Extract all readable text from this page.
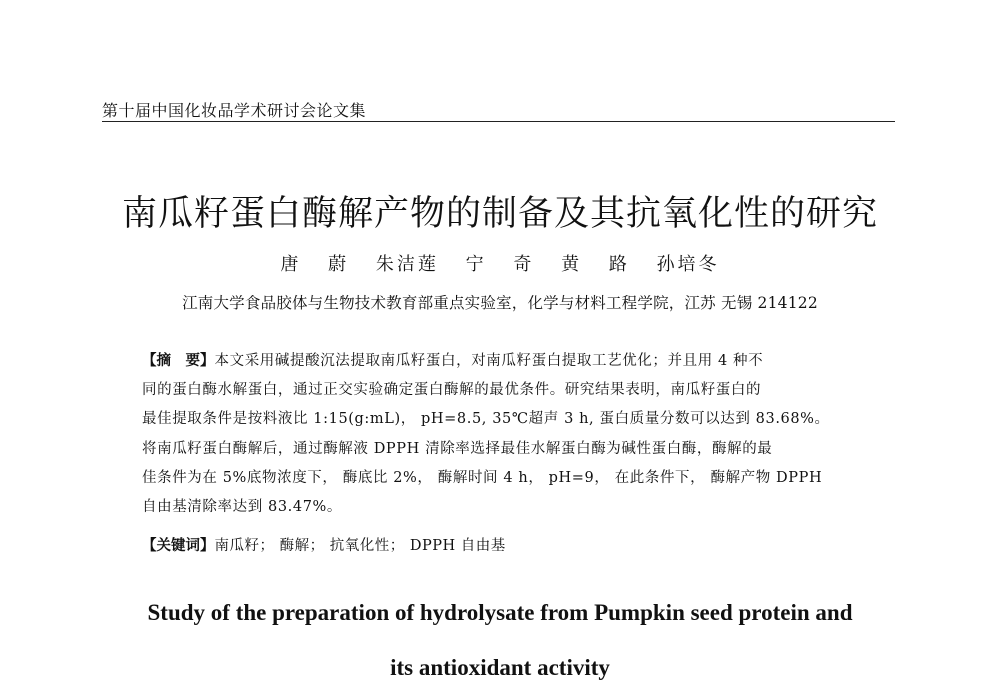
第十届中国化妆品学术研讨会论文集
南瓜籽蛋白酶解产物的制备及其抗氧化性的研究
唐 蔚 朱洁莲 宁 奇 黄 路 孙培冬
江南大学食品胶体与生物技术教育部重点实验室，化学与材料工程学院，江苏 无锡 214122
【摘　要】本文采用碱提酸沉法提取南瓜籽蛋白，对南瓜籽蛋白提取工艺优化；并且用 4 种不
同的蛋白酶水解蛋白，通过正交实验确定蛋白酶解的最优条件。研究结果表明，南瓜籽蛋白的
最佳提取条件是按料液比 1:15(g:mL)， pH=8.5, 35℃超声 3 h, 蛋白质量分数可以达到 83.68%。
将南瓜籽蛋白酶解后，通过酶解液 DPPH 清除率选择最佳水解蛋白酶为碱性蛋白酶，酶解的最
佳条件为在 5%底物浓度下， 酶底比 2%， 酶解时间 4 h， pH=9， 在此条件下， 酶解产物 DPPH
自由基清除率达到 83.47%。
【关键词】南瓜籽； 酶解； 抗氧化性； DPPH 自由基
Study of the preparation of hydrolysate from Pumpkin seed protein and
its antioxidant activity
